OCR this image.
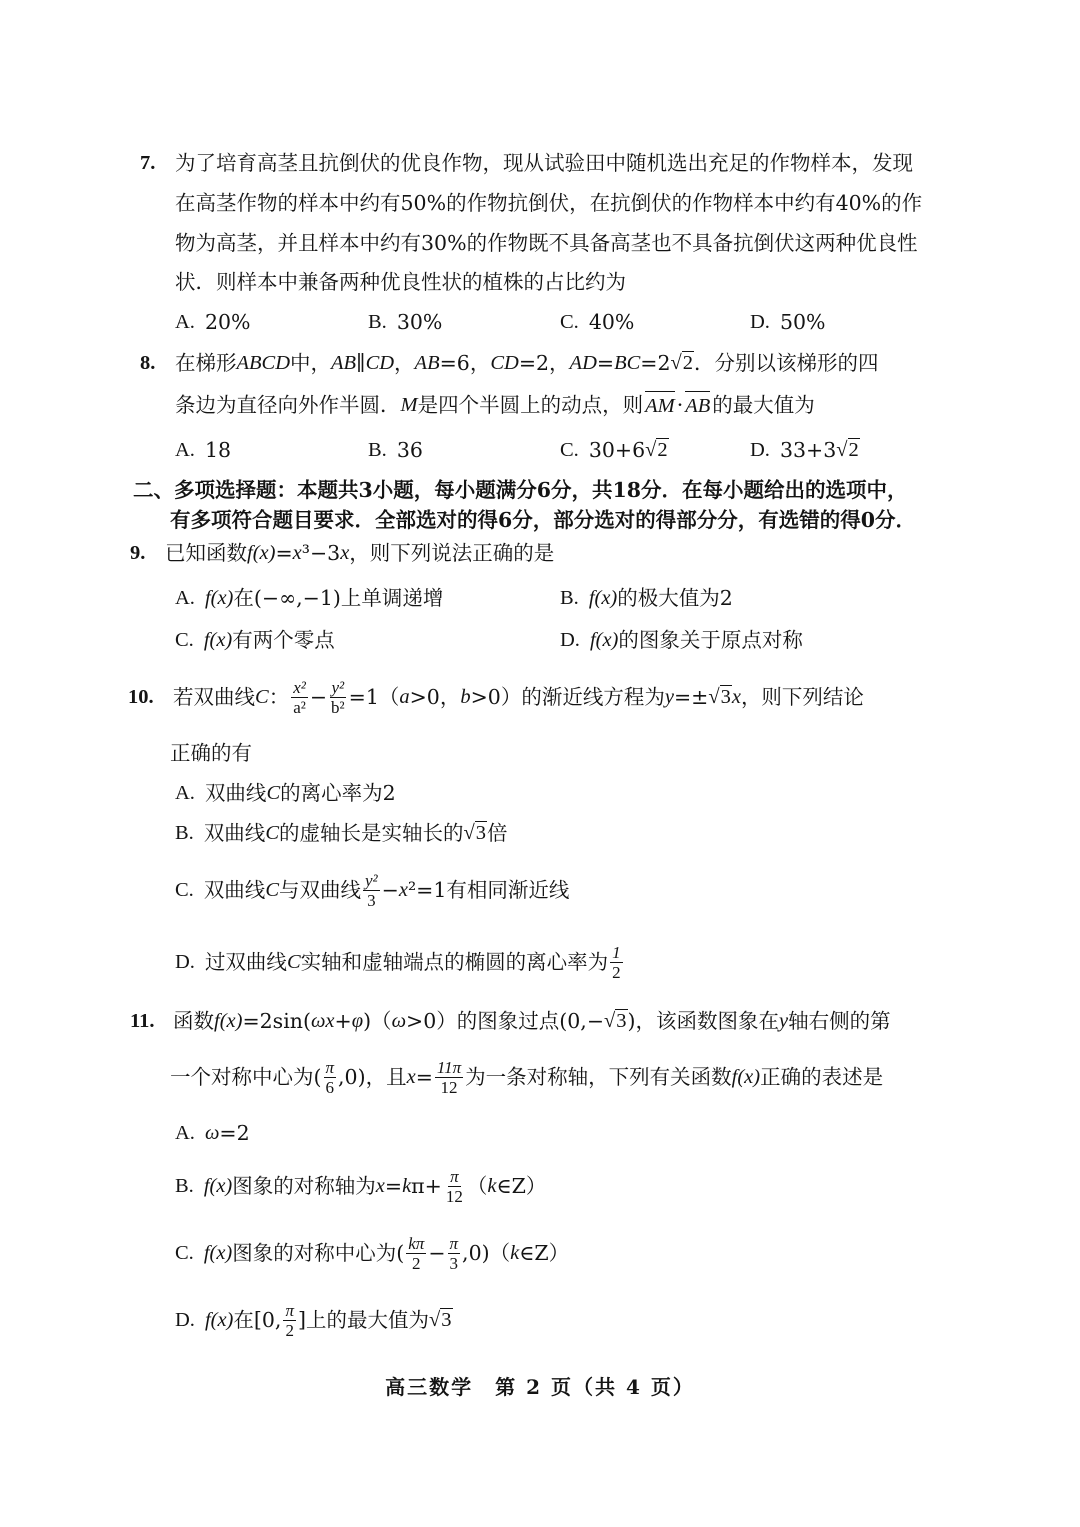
7. 为了培育高茎且抗倒伏的优良作物，现从试验田中随机选出充足的作物样本，发现
在高茎作物的样本中约有50%的作物抗倒伏，在抗倒伏的作物样本中约有40%的作
物为高茎，并且样本中约有30%的作物既不具备高茎也不具备抗倒伏这两种优良性
状．则样本中兼备两种优良性状的植株的占比约为
A. 20%	B. 30%	C. 40%	D. 50%
8. 在梯形 ABCD 中， AB ∥ CD ， AB =6， CD =2， AD = BC =2 √2 ．分别以该梯形的四
条边为直径向外作半圆． M 是四个半圆上的动点，则 AM · AB 的最大值为
A. 18	B. 36	C. 30+6 √2	D. 33+3 √2
二、多项选择题：本题共3小题，每小题满分6分，共18分．在每小题给出的选项中，
有多项符合题目要求．全部选对的得6分，部分选对的得部分分，有选错的得0分．
9. 已知函数 f(x) = x ³−3 x ，则下列说法正确的是
A. f(x) 在(−∞,−1)上单调递增	B. f(x) 的极大值为2
C. f(x) 有两个零点	D. f(x) 的图象关于原点对称
10. 若双曲线 C ： $\frac{\text{x²}}{\text{a²}} - \frac{\text{y²}}{\text{b²}} =1$（ a >0， b >0）的渐近线方程为 y =± √3 x ，则下列结论
正确的有
A. 双曲线 C 的离心率为2
B. 双曲线 C 的虚轴长是实轴长的 √3 倍
C. 双曲线 C 与双曲线 $\frac{\text{y²}}{3} - x$ ²=1有相同渐近线
D. 过双曲线 C 实轴和虚轴端点的椭圆的离心率为 $\frac{1}{2}$
11. 函数 f(x) =2sin( ωx + φ )（ ω >0）的图象过点(0,− √3 )，该函数图象在 y 轴右侧的第
一个对称中心为( $\frac{\pi}{6} ,0$)，且 $x = \frac{11\pi}{12}$ 为一条对称轴，下列有关函数 f(x) 正确的表述是
A. ω =2
B. f(x) 图象的对称轴为 x = k $\pi+ \frac{\pi}{12}$ （ k ∈Z）
C. f(x) 图象的对称中心为( $\frac{k\pi}{2} - \frac{\pi}{3} ,0$)（ k ∈Z）
D. f(x) 在[0, $\frac{\pi}{2}$ ]上的最大值为 √3
高三数学　第 2 页（共 4 页）
